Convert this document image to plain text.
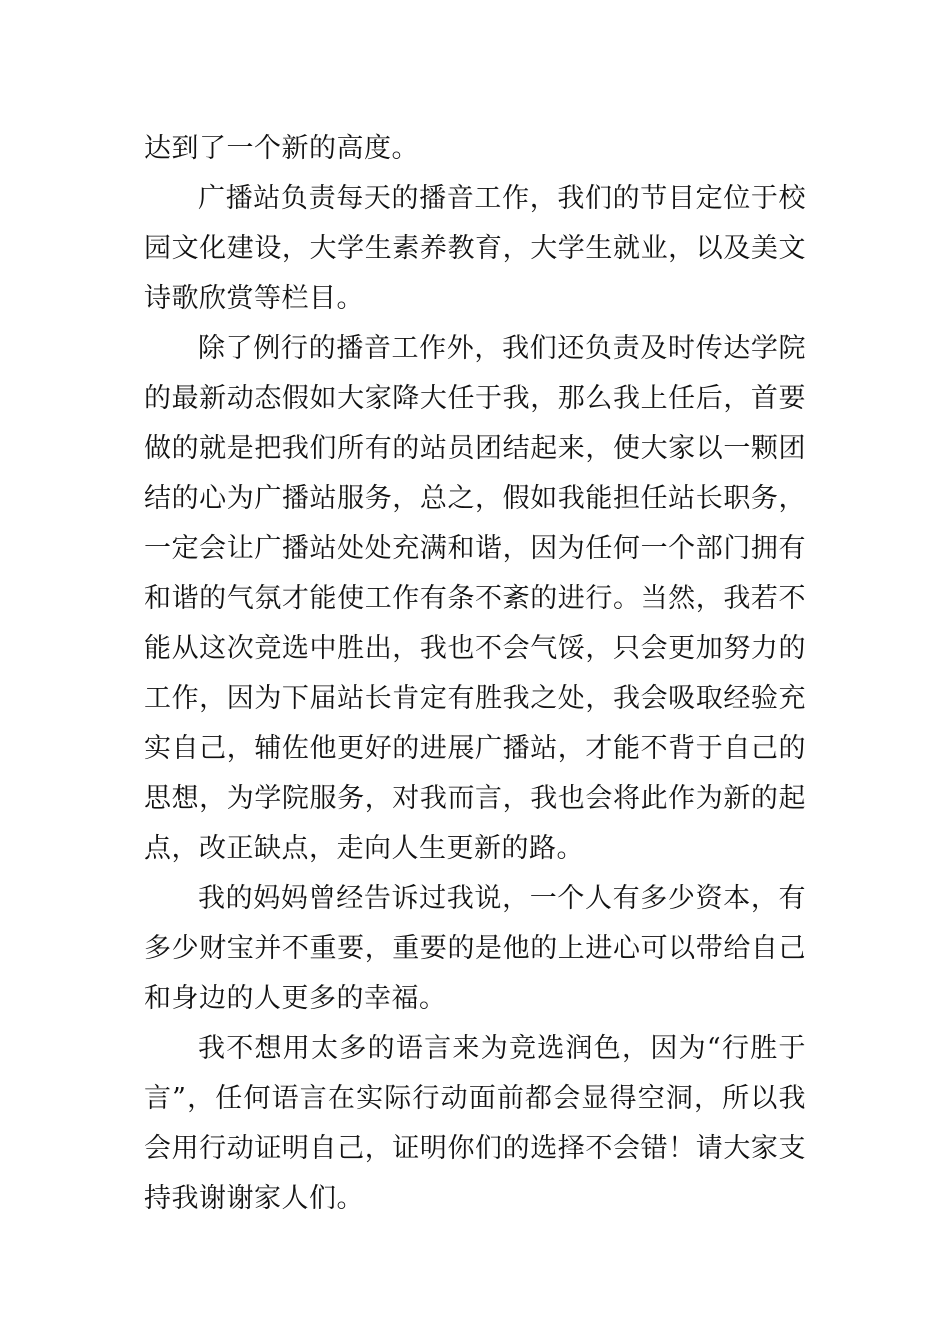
达到了一个新的高度。

广播站负责每天的播音工作，我们的节目定位于校园文化建设，大学生素养教育，大学生就业，以及美文诗歌欣赏等栏目。

除了例行的播音工作外，我们还负责及时传达学院的最新动态假如大家降大任于我，那么我上任后，首要做的就是把我们所有的站员团结起来，使大家以一颗团结的心为广播站服务，总之，假如我能担任站长职务，一定会让广播站处处充满和谐，因为任何一个部门拥有和谐的气氛才能使工作有条不紊的进行。当然，我若不能从这次竞选中胜出，我也不会气馁，只会更加努力的工作，因为下届站长肯定有胜我之处，我会吸取经验充实自己，辅佐他更好的进展广播站，才能不背于自己的思想，为学院服务，对我而言，我也会将此作为新的起点，改正缺点，走向人生更新的路。

我的妈妈曾经告诉过我说，一个人有多少资本，有多少财宝并不重要，重要的是他的上进心可以带给自己和身边的人更多的幸福。

我不想用太多的语言来为竞选润色，因为“行胜于言”，任何语言在实际行动面前都会显得空洞，所以我会用行动证明自己，证明你们的选择不会错！请大家支持我谢谢家人们。
